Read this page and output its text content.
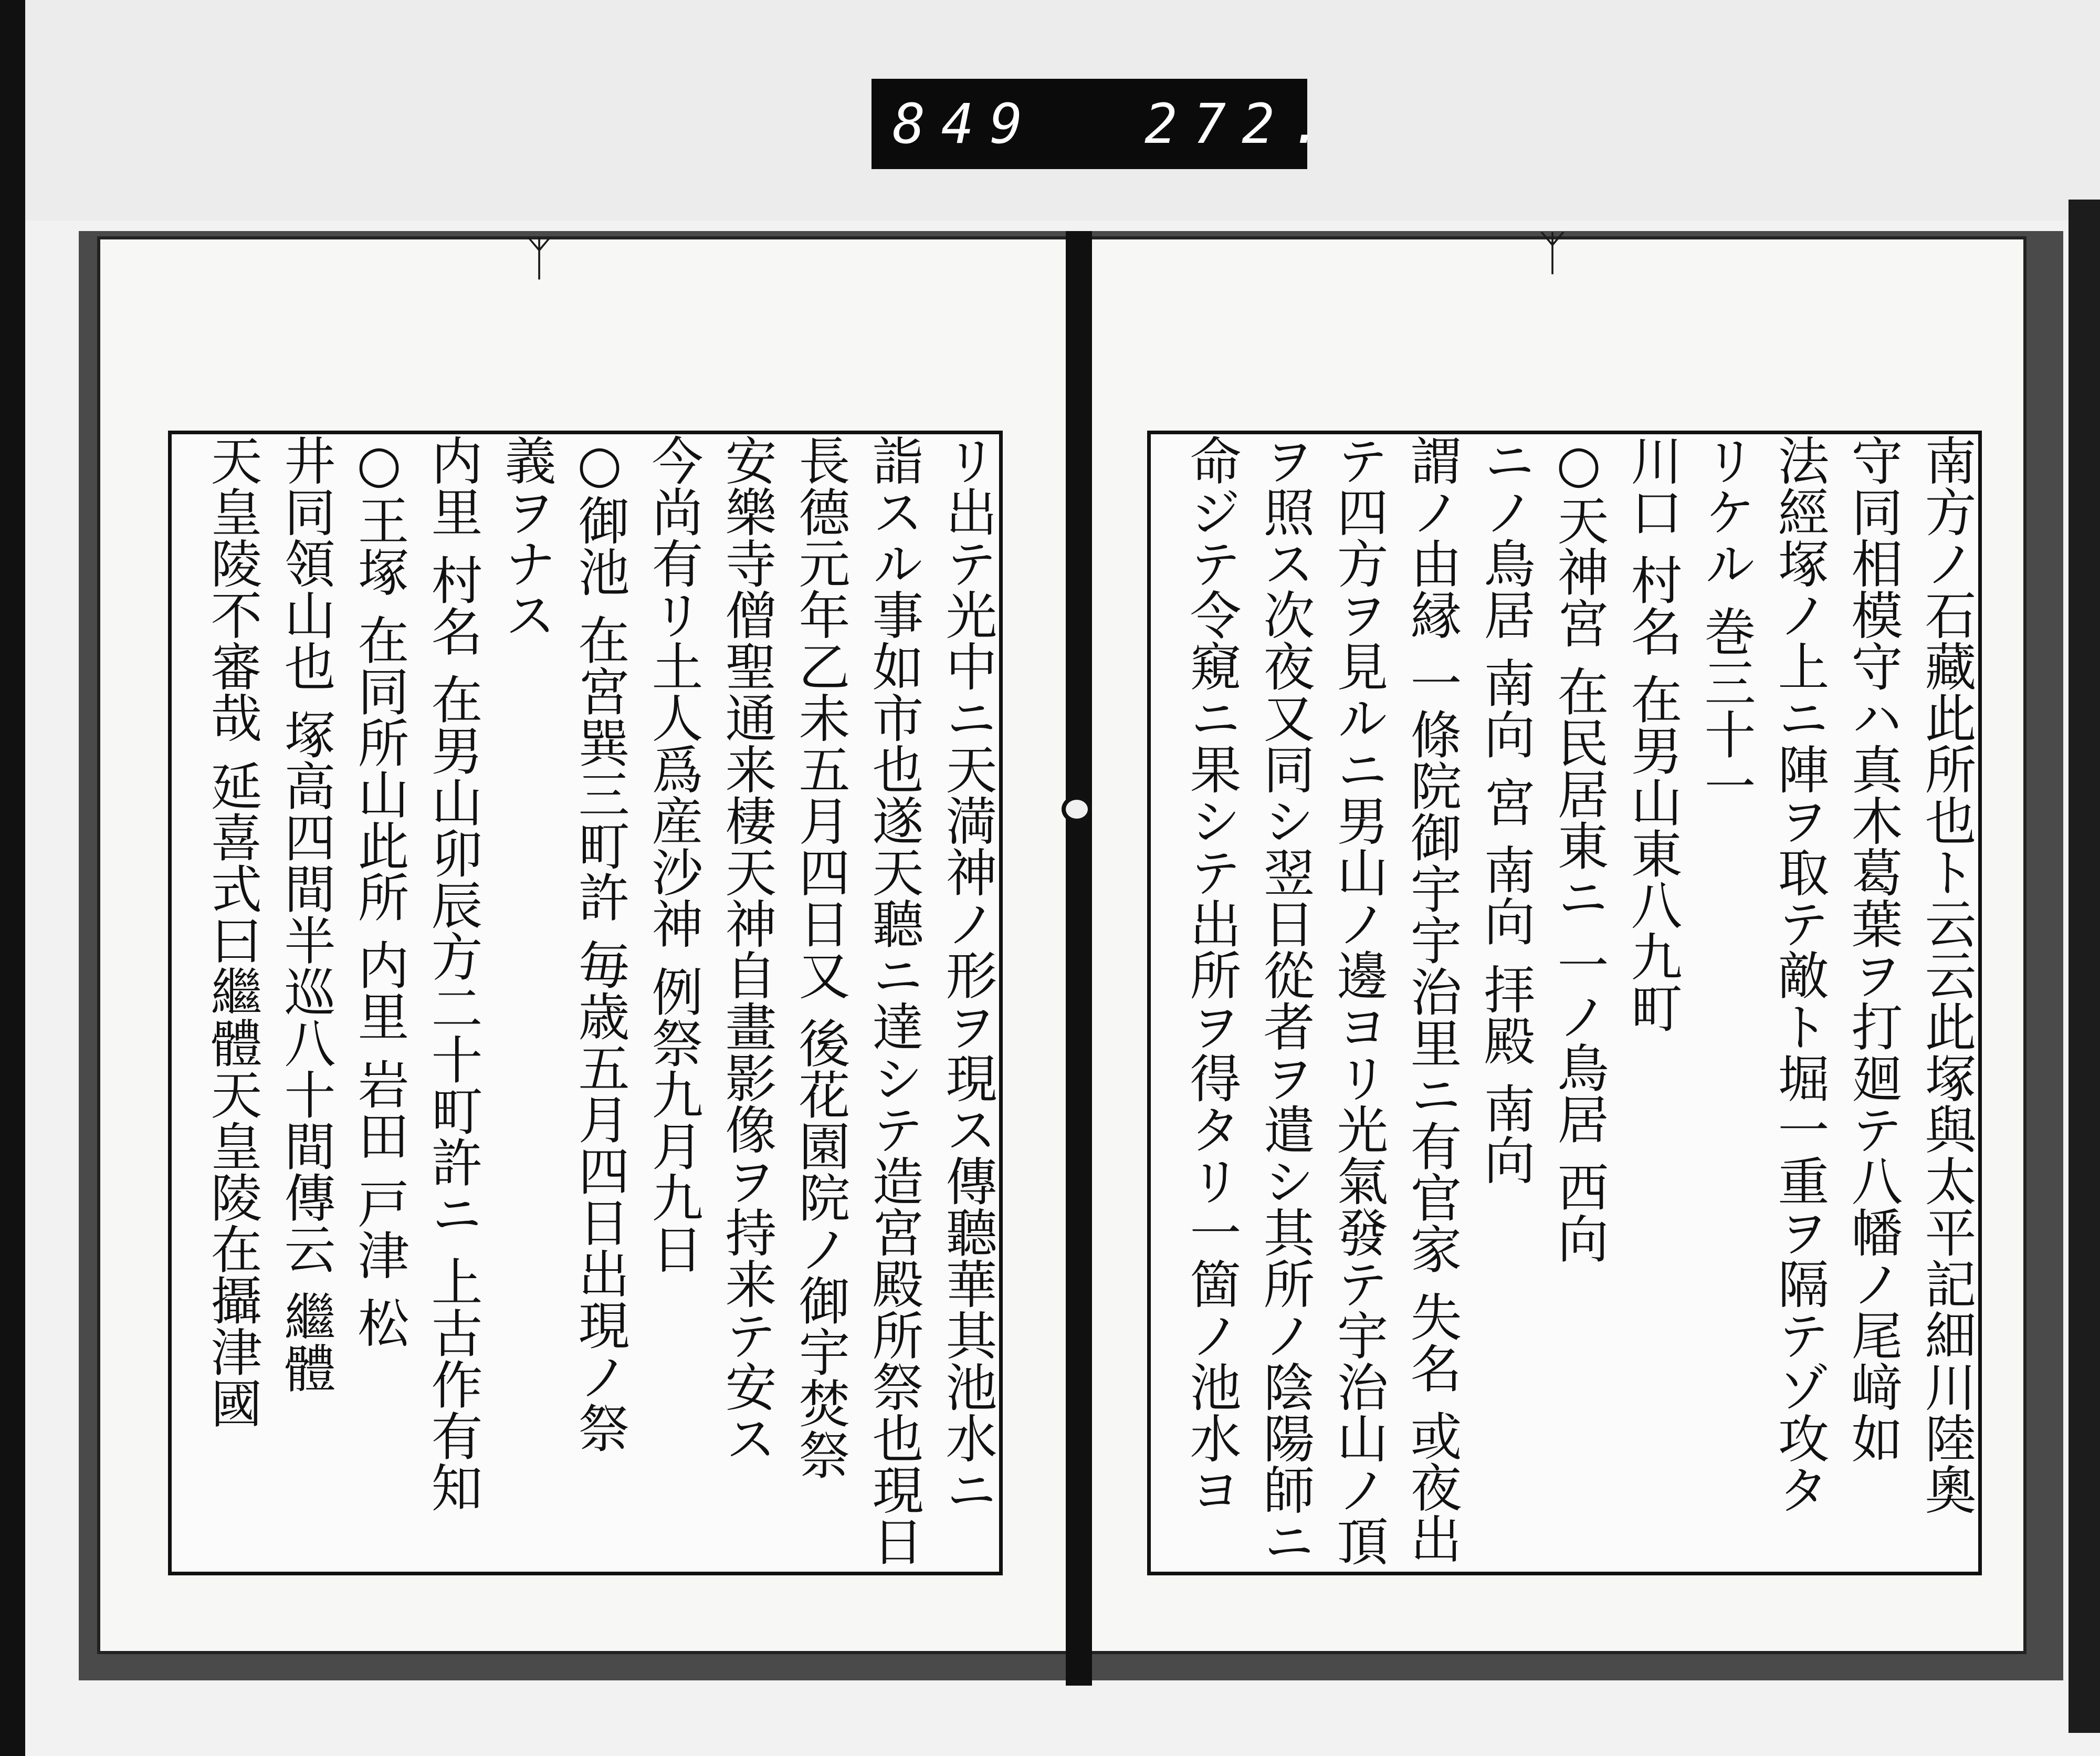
849 272.
ᛉ	ᛉ
リ出テ光中ニ天満神ノ形ヲ現ス傳聽華其池水ニ
詣スル事如市也遂天聽ニ達シテ造宮殿所祭也現日
長德元年乙未五月四日又 後花園院ノ御宇焚祭
安樂寺僧聖通来棲天神自畫影像ヲ持来テ安ス
今尚有リ土人爲産沙神 例祭九月九日
○御池 在宮巽三町許 毎歳五月四日出現ノ祭
義ヲナス
内里 村名 在男山卯辰方二十町許ニ 上古作有知
○王塚 在同所山此所 内里 岩田 戸津 松
井同領山也 塚高四間半巡八十間傳云 繼體
天皇陵不審哉 延喜式曰繼體天皇陵在攝津國	南方ノ石藏此所也ト云云此塚與太平記細川陸奧
守同相模守ハ真木葛葉ヲ打廻テ八幡ノ尾﨑如
法經塚ノ上ニ陣ヲ取テ敵ト堀一重ヲ隔テゾ攻タ
リケル 巻三十一
川口 村名 在男山東八九町
○天神宮 在民居東ニ 一ノ鳥居 西向
ニノ鳥居 南向 宮 南向 拝殿 南向
謂ノ由縁 一條院御宇宇治里ニ有官家 失名 或夜出
テ四方ヲ見ルニ男山ノ邊ヨリ光氣發テ宇治山ノ頂
ヲ照ス次夜又同シ翌日從者ヲ遣シ其所ノ陰陽師ニ
命ジテ令窺ニ果シテ出所ヲ得タリ一箇ノ池水ヨ
